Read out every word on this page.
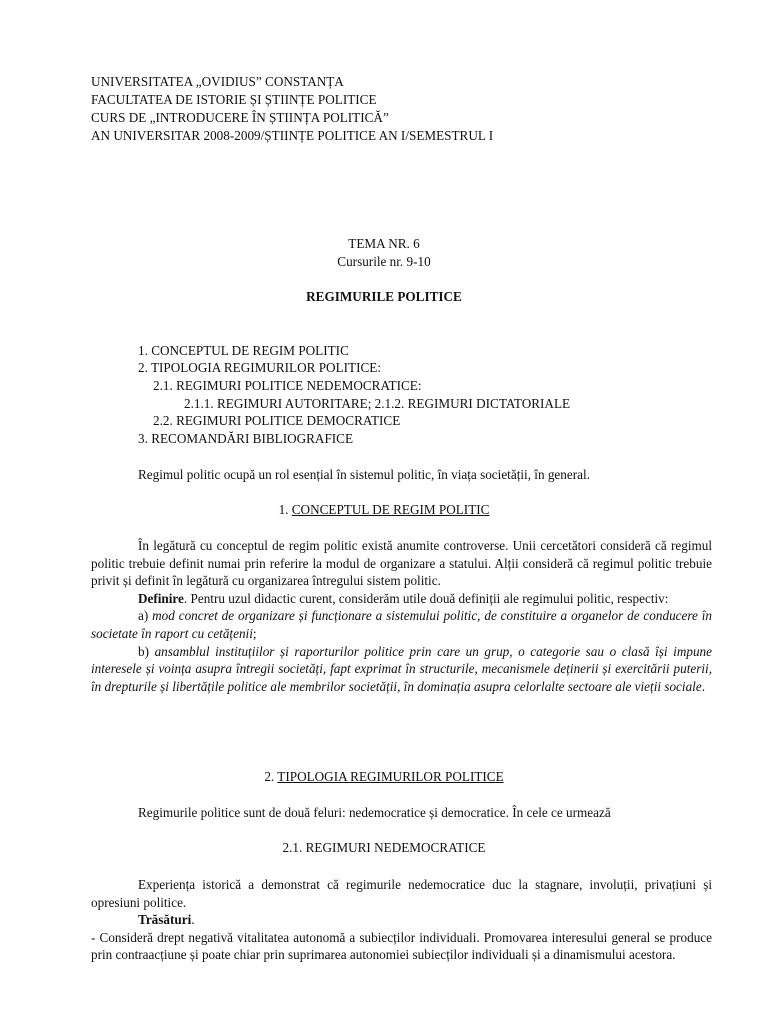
UNIVERSITATEA „OVIDIUS” CONSTANȚA
FACULTATEA DE ISTORIE ȘI ȘTIINȚE POLITICE
CURS DE „INTRODUCERE ÎN ȘTIINȚA POLITICĂ”
AN UNIVERSITAR 2008-2009/ȘTIINȚE POLITICE AN I/SEMESTRUL I
TEMA NR. 6
Cursurile nr. 9-10
REGIMURILE POLITICE
1. CONCEPTUL DE REGIM POLITIC
2. TIPOLOGIA REGIMURILOR POLITICE:
2.1. REGIMURI POLITICE NEDEMOCRATICE:
2.1.1. REGIMURI AUTORITARE; 2.1.2. REGIMURI DICTATORIALE
2.2. REGIMURI POLITICE DEMOCRATICE
3. RECOMANDĂRI BIBLIOGRAFICE
Regimul politic ocupă un rol esențial în sistemul politic, în viața societății, în general.
1. CONCEPTUL DE REGIM POLITIC

În legătură cu conceptul de regim politic există anumite controverse. Unii cercetători consideră că regimul politic trebuie definit numai prin referire la modul de organizare a statului. Alții consideră că regimul politic trebuie privit și definit în legătură cu organizarea întregului sistem politic.

Definire. Pentru uzul didactic curent, considerăm utile două definiții ale regimului politic, respectiv:

a) mod concret de organizare și funcționare a sistemului politic, de constituire a organelor de conducere în societate în raport cu cetățenii;

b) ansamblul instituțiilor și raporturilor politice prin care un grup, o categorie sau o clasă își impune interesele și voința asupra întregii societăți, fapt exprimat în structurile, mecanismele deținerii și exercitării puterii, în drepturile și libertățile politice ale membrilor societății, în dominația asupra celorlalte sectoare ale vieții sociale.

2. TIPOLOGIA REGIMURILOR POLITICE
Regimurile politice sunt de două feluri: nedemocratice și democratice. În cele ce urmează
2.1. REGIMURI NEDEMOCRATICE

Experiența istorică a demonstrat că regimurile nedemocratice duc la stagnare, involuții, privațiuni și opresiuni politice.

Trăsături.

- Consideră drept negativă vitalitatea autonomă a subiecților individuali. Promovarea interesului general se produce prin contraacțiune și poate chiar prin suprimarea autonomiei subiecților individuali și a dinamismului acestora.
